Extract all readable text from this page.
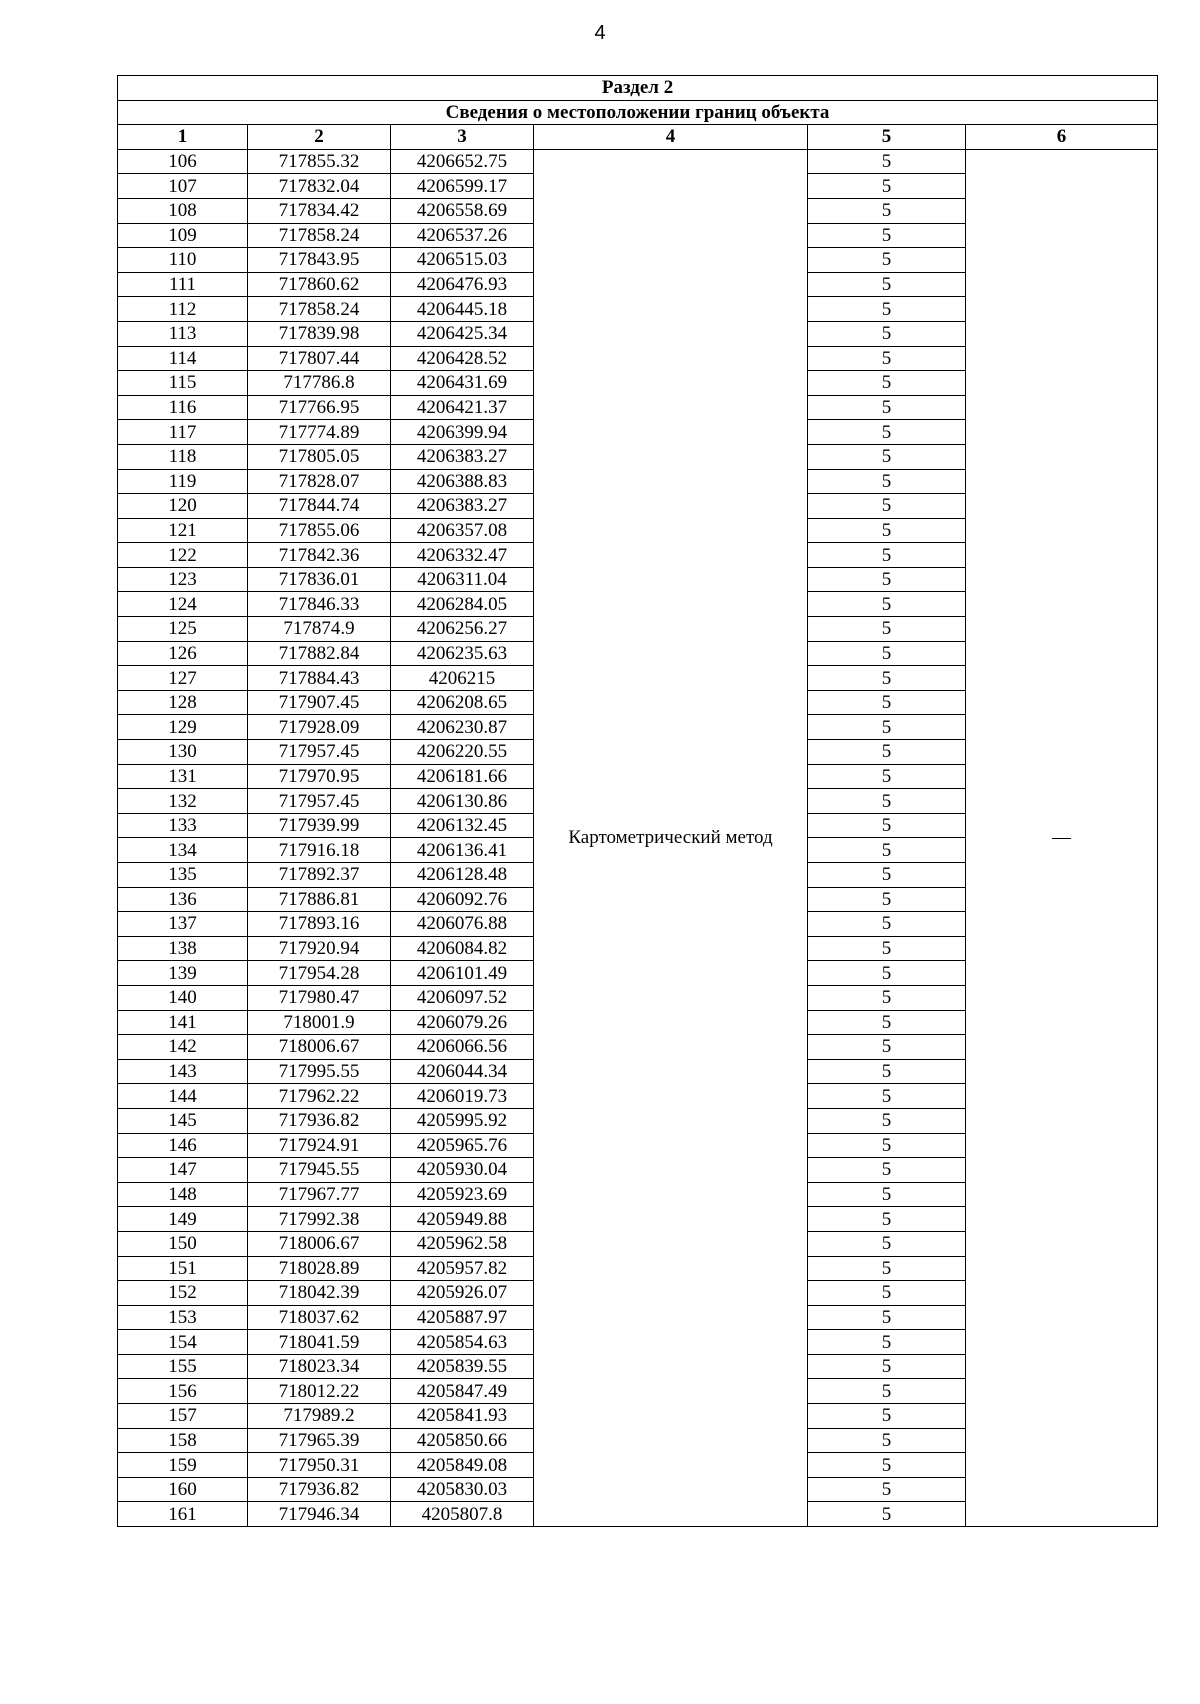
4
Раздел 2					
Сведения о местоположении границ объекта					
1	2	3	4	5	6
106	717855.32	4206652.75	Картометрический метод	5	—
107	717832.04	4206599.17		5	
108	717834.42	4206558.69		5	
109	717858.24	4206537.26		5	
110	717843.95	4206515.03		5	
111	717860.62	4206476.93		5	
112	717858.24	4206445.18		5	
113	717839.98	4206425.34		5	
114	717807.44	4206428.52		5	
115	717786.8	4206431.69		5	
116	717766.95	4206421.37		5	
117	717774.89	4206399.94		5	
118	717805.05	4206383.27		5	
119	717828.07	4206388.83		5	
120	717844.74	4206383.27		5	
121	717855.06	4206357.08		5	
122	717842.36	4206332.47		5	
123	717836.01	4206311.04		5	
124	717846.33	4206284.05		5	
125	717874.9	4206256.27		5	
126	717882.84	4206235.63		5	
127	717884.43	4206215		5	
128	717907.45	4206208.65		5	
129	717928.09	4206230.87		5	
130	717957.45	4206220.55		5	
131	717970.95	4206181.66		5	
132	717957.45	4206130.86		5	
133	717939.99	4206132.45		5	
134	717916.18	4206136.41		5	
135	717892.37	4206128.48		5	
136	717886.81	4206092.76		5	
137	717893.16	4206076.88		5	
138	717920.94	4206084.82		5	
139	717954.28	4206101.49		5	
140	717980.47	4206097.52		5	
141	718001.9	4206079.26		5	
142	718006.67	4206066.56		5	
143	717995.55	4206044.34		5	
144	717962.22	4206019.73		5	
145	717936.82	4205995.92		5	
146	717924.91	4205965.76		5	
147	717945.55	4205930.04		5	
148	717967.77	4205923.69		5	
149	717992.38	4205949.88		5	
150	718006.67	4205962.58		5	
151	718028.89	4205957.82		5	
152	718042.39	4205926.07		5	
153	718037.62	4205887.97		5	
154	718041.59	4205854.63		5	
155	718023.34	4205839.55		5	
156	718012.22	4205847.49		5	
157	717989.2	4205841.93		5	
158	717965.39	4205850.66		5	
159	717950.31	4205849.08		5	
160	717936.82	4205830.03		5	
161	717946.34	4205807.8		5	
